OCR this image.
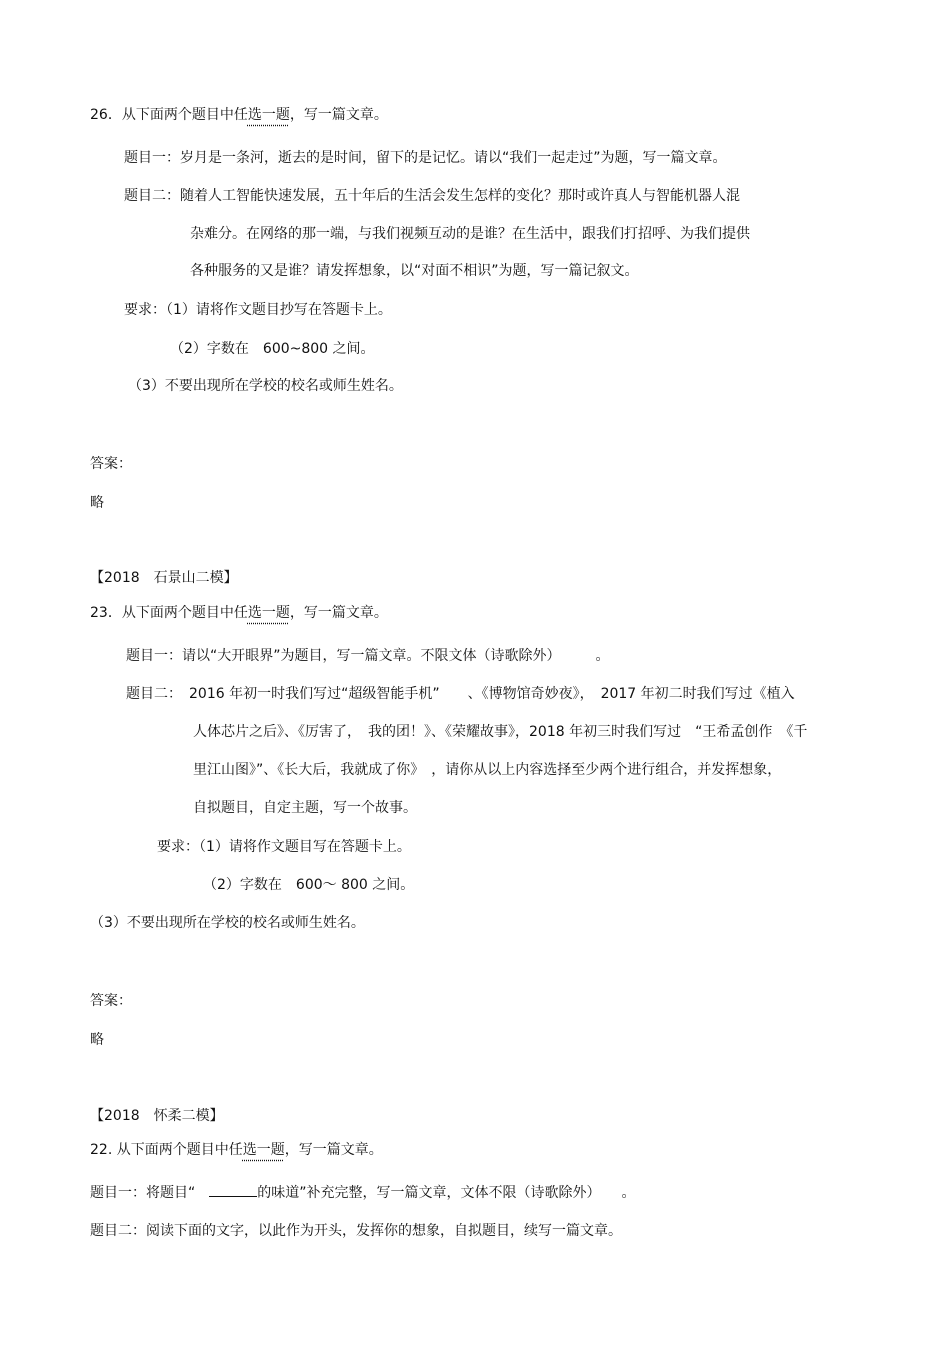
26．从下面两个题目中任选一题，写一篇文章。
题目一：岁月是一条河，逝去的是时间，留下的是记忆。请以“我们一起走过”为题，写一篇文章。
题目二：随着人工智能快速发展，五十年后的生活会发生怎样的变化？那时或许真人与智能机器人混
杂难分。在网络的那一端，与我们视频互动的是谁？在生活中，跟我们打招呼、为我们提供
各种服务的又是谁？请发挥想象，以“对面不相识”为题，写一篇记叙文。
要求：（1）请将作文题目抄写在答题卡上。
（2）字数在　600~800 之间。
（3）不要出现所在学校的校名或师生姓名。
答案：
略
【2018　石景山二模】
23．从下面两个题目中任选一题，写一篇文章。
题目一：请以“大开眼界”为题目，写一篇文章。不限文体（诗歌除外）　　　。
题目二：　2016 年初一时我们写过“超级智能手机”　　、《博物馆奇妙夜》，　2017 年初二时我们写过《植入
人体芯片之后》、《厉害了，　我的团！》、《荣耀故事》，2018 年初三时我们写过　“王希孟创作　《千
里江山图》”、《长大后，我就成了你》　，请你从以上内容选择至少两个进行组合，并发挥想象，
自拟题目，自定主题，写一个故事。
要求：（1）请将作文题目写在答题卡上。
（2）字数在　600～ 800 之间。
（3）不要出现所在学校的校名或师生姓名。
答案：
略
【2018　怀柔二模】
22. 从下面两个题目中任选一题，写一篇文章。
题目一：将题目“　	的味道”补充完整，写一篇文章，文体不限（诗歌除外）　　。
题目二：阅读下面的文字，以此作为开头，发挥你的想象，自拟题目，续写一篇文章。
